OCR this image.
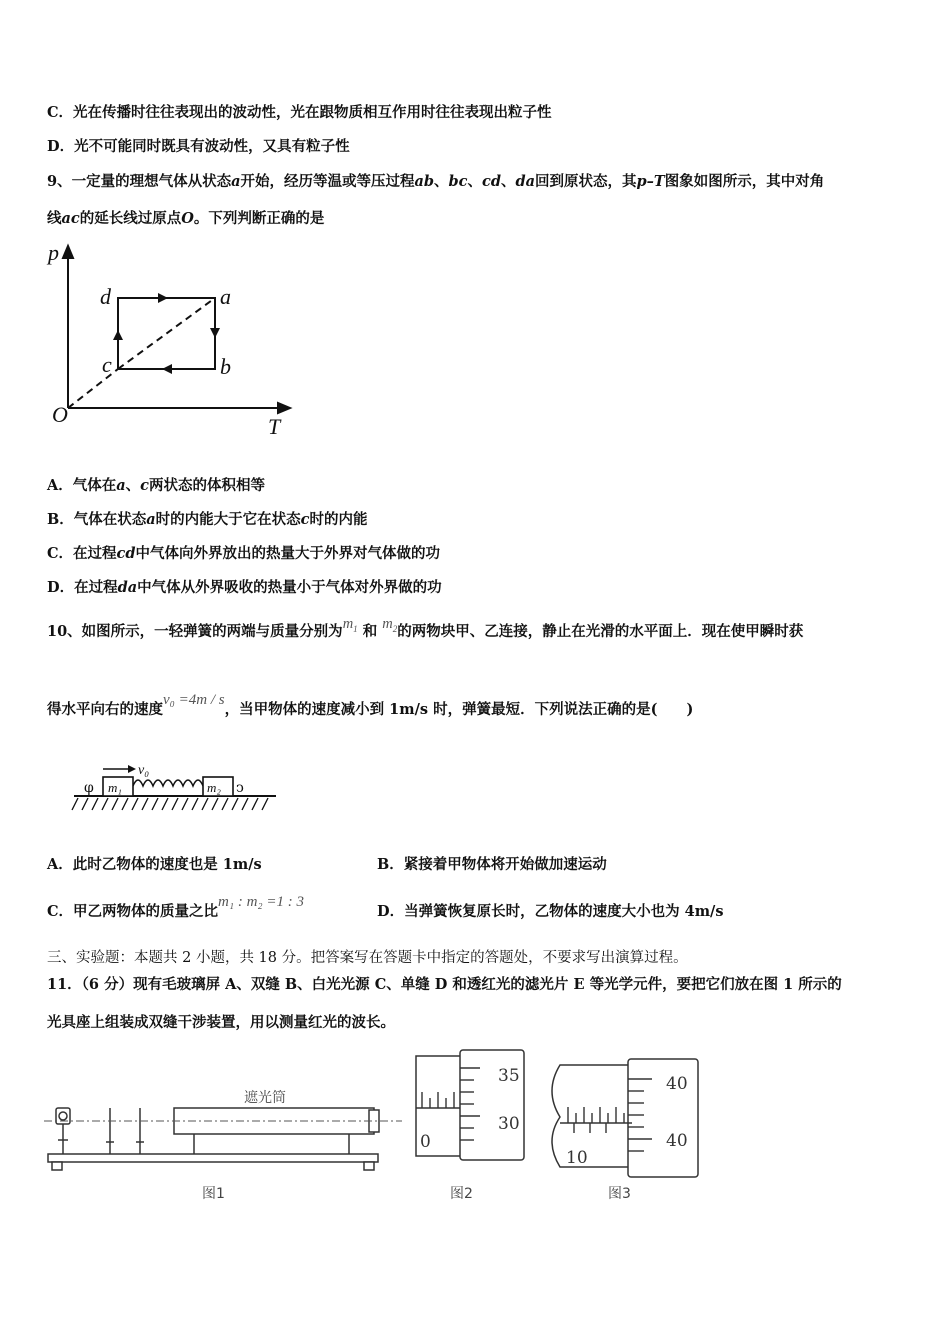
C．光在传播时往往表现出的波动性，光在跟物质相互作用时往往表现出粒子性
D．光不可能同时既具有波动性，又具有粒子性
9、一定量的理想气体从状态a开始，经历等温或等压过程ab、bc、cd、da回到原状态，其p–T图象如图所示，其中对角
线ac的延长线过原点O。下列判断正确的是
p
T
O
a
b
c
d
A．气体在a、c两状态的体积相等
B．气体在状态a时的内能大于它在状态c时的内能
C．在过程cd中气体向外界放出的热量大于外界对气体做的功
D．在过程da中气体从外界吸收的热量小于气体对外界做的功
10、如图所示，一轻弹簧的两端与质量分别为$m_1$ 和 $m_2$的两物块甲、乙连接，静止在光滑的水平面上．现在使甲瞬时获
得水平向右的速度v₀ =4m / s，当甲物体的速度减小到 1m/s 时，弹簧最短．下列说法正确的是(　　)
φ m₁	m₂ ↄ
v₀
A．此时乙物体的速度也是 1m/s	B．紧接着甲物体将开始做加速运动
C．甲乙两物体的质量之比m₁ : m₂ =1 : 3
D．当弹簧恢复原长时，乙物体的速度大小也为 4m/s
三、实验题：本题共 2 小题，共 18 分。把答案写在答题卡中指定的答题处，不要求写出演算过程。
11．（6 分）现有毛玻璃屏 A、双缝 B、白光光源 C、单缝 D 和透红光的滤光片 E 等光学元件，要把它们放在图 1 所示的
光具座上组装成双缝干涉装置，用以测量红光的波长。
遮光筒
图1
35
30
0
图2
40
40
10
图3
